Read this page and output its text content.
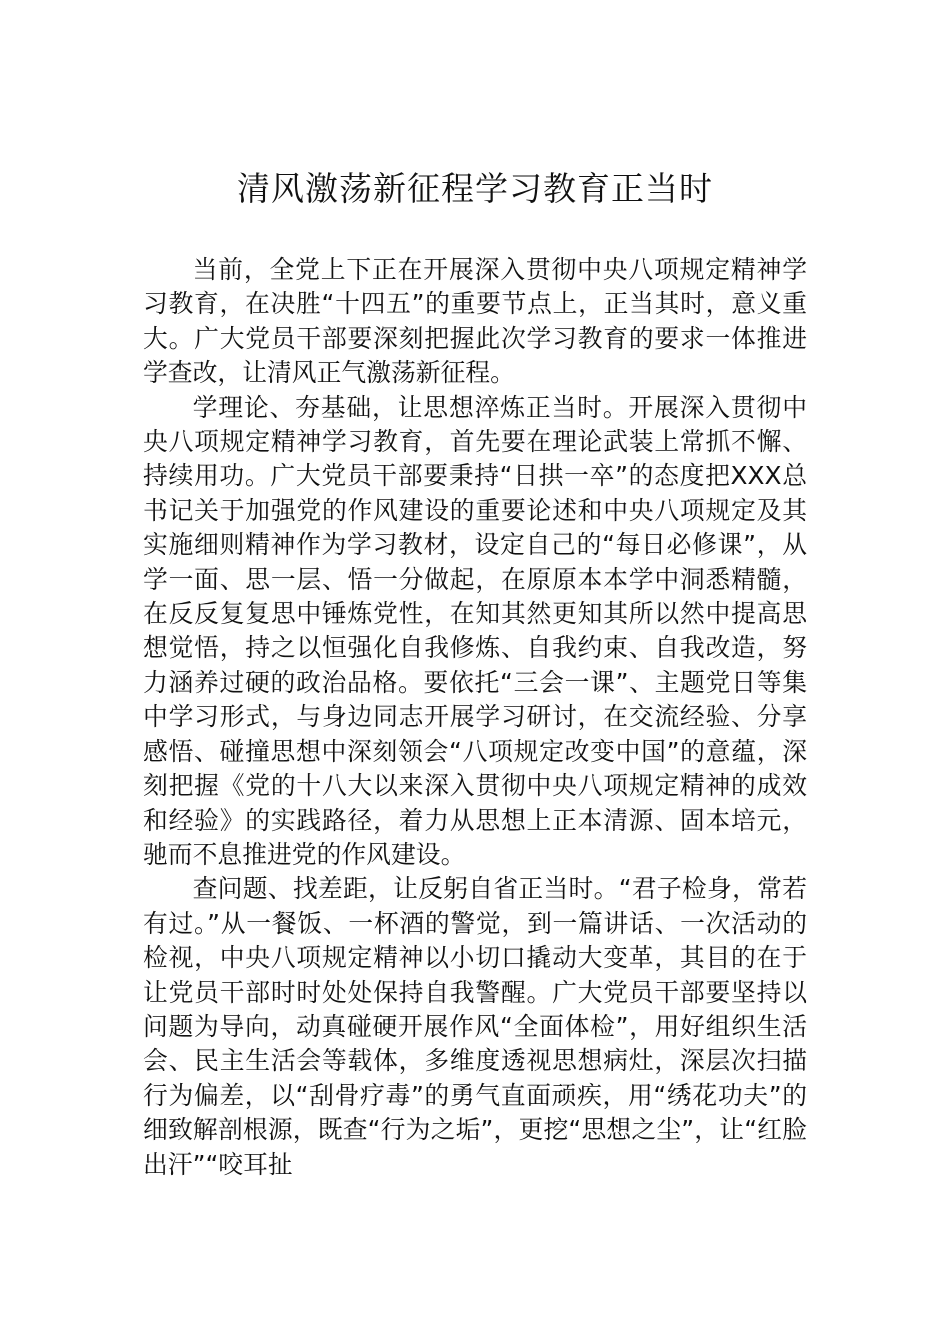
清风激荡新征程学习教育正当时

当前，全党上下正在开展深入贯彻中央八项规定精神学习教育，在决胜“十四五”的重要节点上，正当其时，意义重大。广大党员干部要深刻把握此次学习教育的要求一体推进学查改，让清风正气激荡新征程。

学理论、夯基础，让思想淬炼正当时。开展深入贯彻中央八项规定精神学习教育，首先要在理论武装上常抓不懈、持续用功。广大党员干部要秉持“日拱一卒”的态度把XXX总书记关于加强党的作风建设的重要论述和中央八项规定及其实施细则精神作为学习教材，设定自己的“每日必修课”，从学一面、思一层、悟一分做起，在原原本本学中洞悉精髓，在反反复复思中锤炼党性，在知其然更知其所以然中提高思想觉悟，持之以恒强化自我修炼、自我约束、自我改造，努力涵养过硬的政治品格。要依托“三会一课”、主题党日等集中学习形式，与身边同志开展学习研讨，在交流经验、分享感悟、碰撞思想中深刻领会“八项规定改变中国”的意蕴，深刻把握《党的十八大以来深入贯彻中央八项规定精神的成效和经验》的实践路径，着力从思想上正本清源、固本培元，驰而不息推进党的作风建设。

查问题、找差距，让反躬自省正当时。“君子检身，常若有过。”从一餐饭、一杯酒的警觉，到一篇讲话、一次活动的检视，中央八项规定精神以小切口撬动大变革，其目的在于让党员干部时时处处保持自我警醒。广大党员干部要坚持以问题为导向，动真碰硬开展作风“全面体检”，用好组织生活会、民主生活会等载体，多维度透视思想病灶，深层次扫描行为偏差，以“刮骨疗毒”的勇气直面顽疾，用“绣花功夫”的细致解剖根源，既查“行为之垢”，更挖“思想之尘”，让“红脸出汗”“咬耳扯
